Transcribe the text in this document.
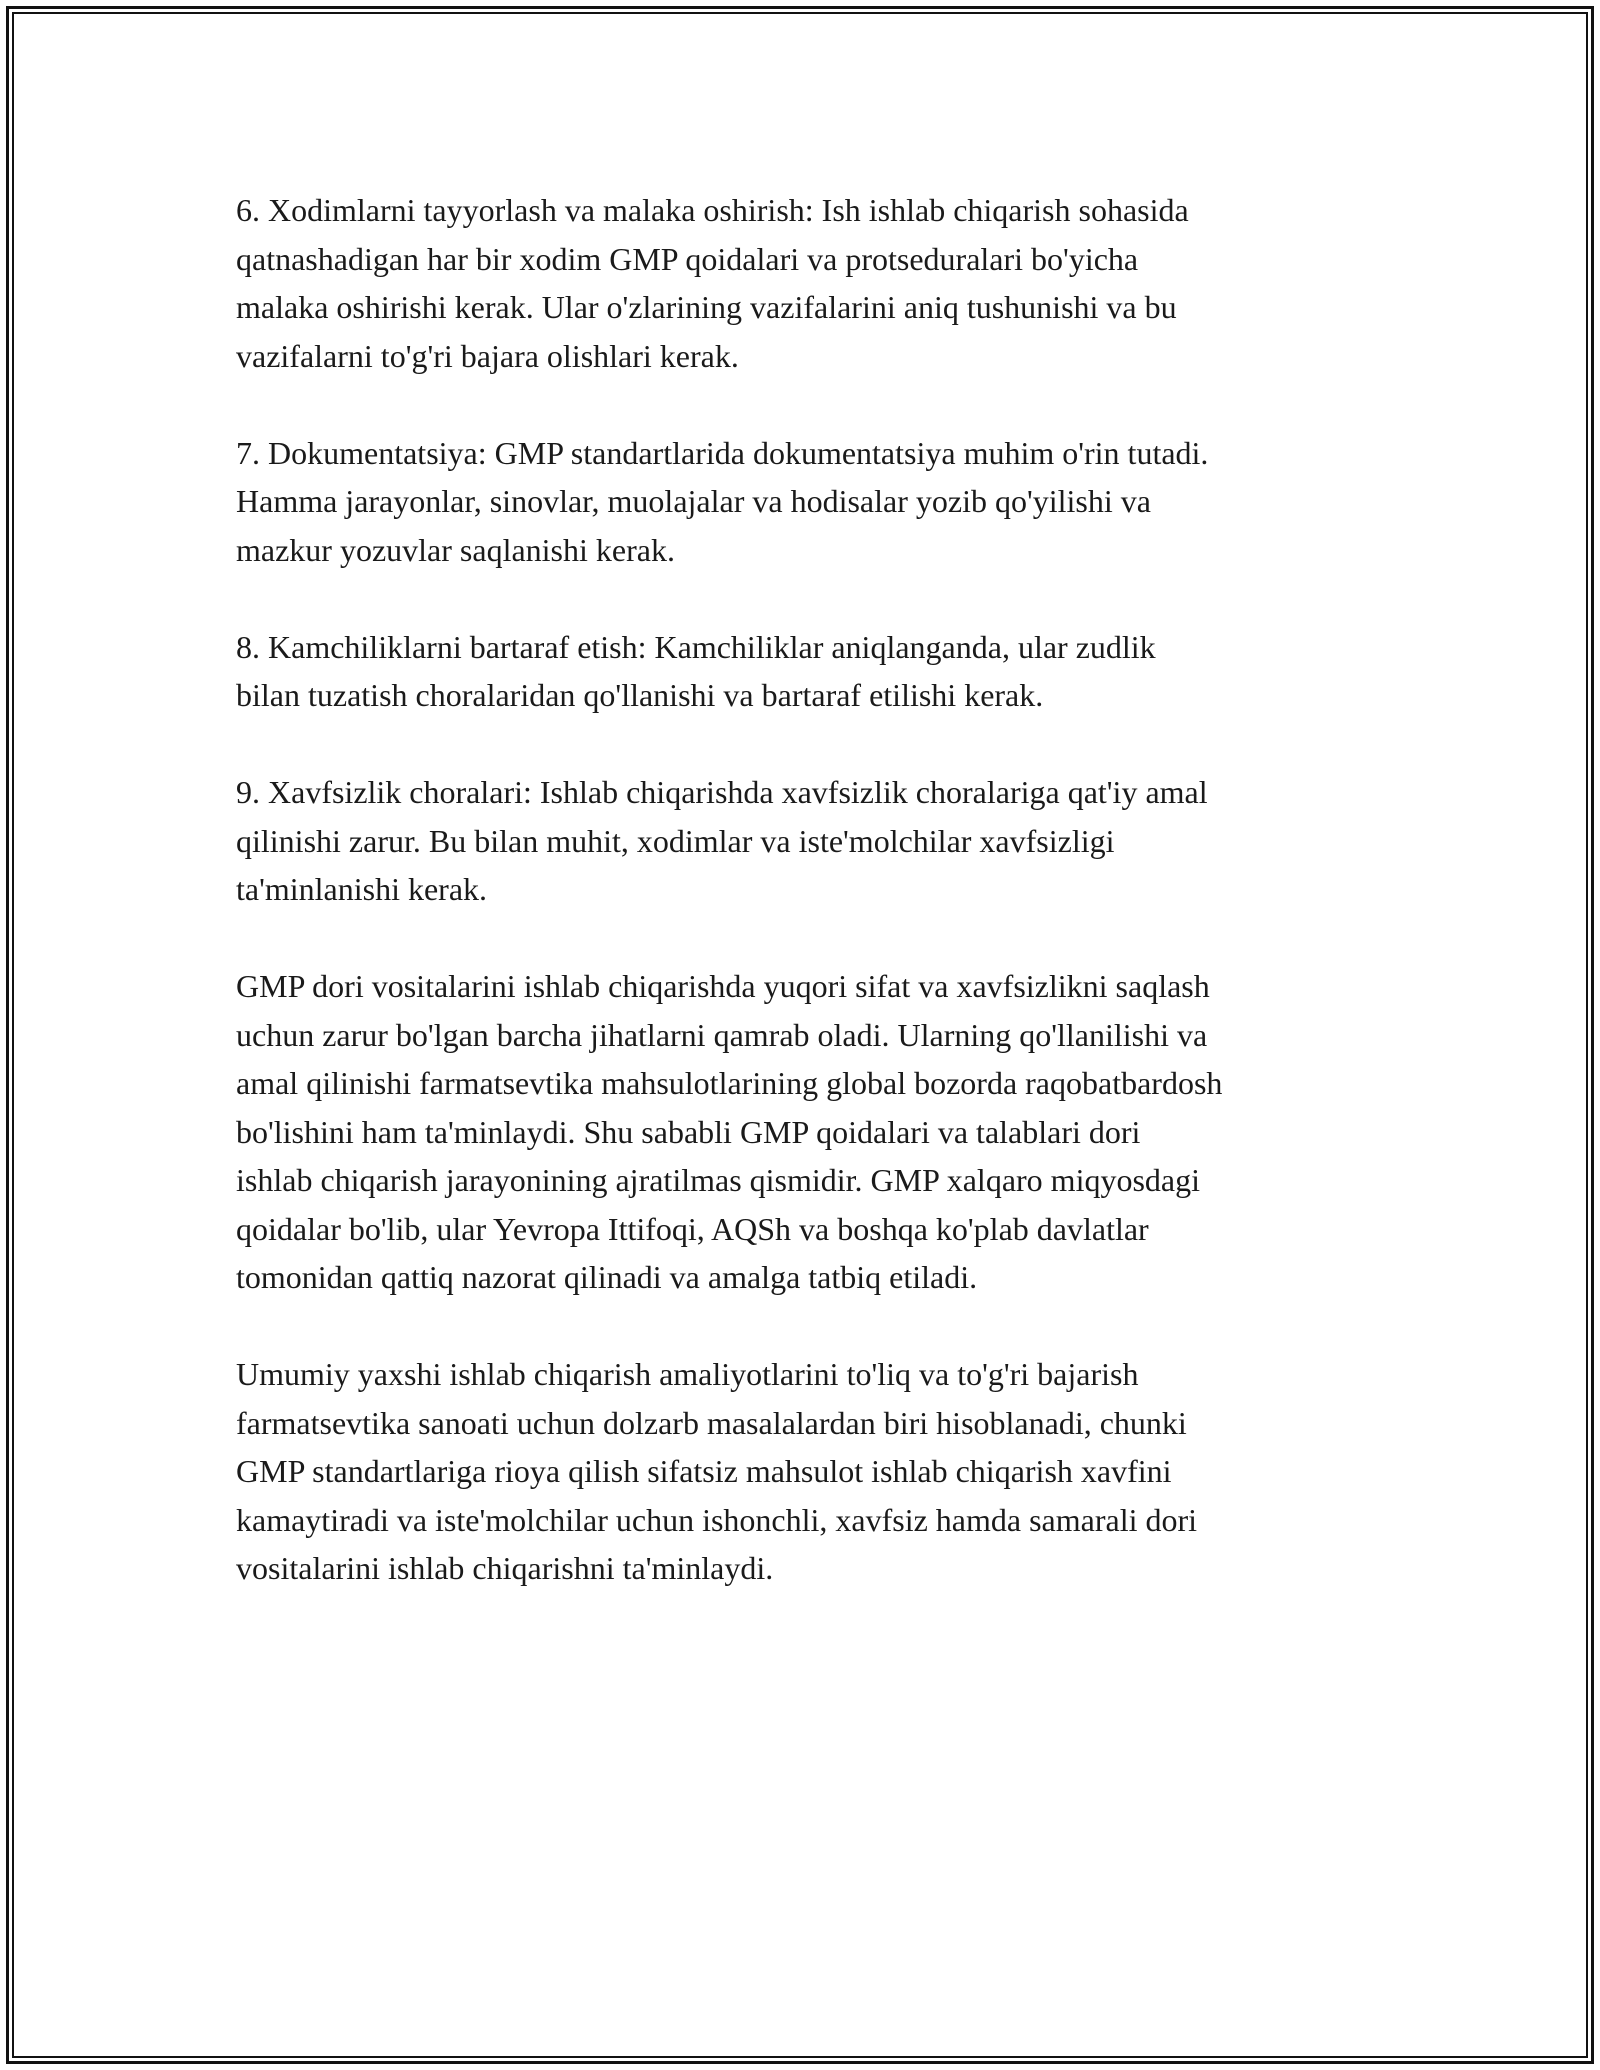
6. Xodimlarni tayyorlash va malaka oshirish: Ish ishlab chiqarish sohasida
qatnashadigan har bir xodim GMP qoidalari va protseduralari bo'yicha
malaka oshirishi kerak. Ular o'zlarining vazifalarini aniq tushunishi va bu
vazifalarni to'g'ri bajara olishlari kerak.

7. Dokumentatsiya: GMP standartlarida dokumentatsiya muhim o'rin tutadi.
Hamma jarayonlar, sinovlar, muolajalar va hodisalar yozib qo'yilishi va
mazkur yozuvlar saqlanishi kerak.

8. Kamchiliklarni bartaraf etish: Kamchiliklar aniqlanganda, ular zudlik
bilan tuzatish choralaridan qo'llanishi va bartaraf etilishi kerak.

9. Xavfsizlik choralari: Ishlab chiqarishda xavfsizlik choralariga qat'iy amal
qilinishi zarur. Bu bilan muhit, xodimlar va iste'molchilar xavfsizligi
ta'minlanishi kerak.

GMP dori vositalarini ishlab chiqarishda yuqori sifat va xavfsizlikni saqlash
uchun zarur bo'lgan barcha jihatlarni qamrab oladi. Ularning qo'llanilishi va
amal qilinishi farmatsevtika mahsulotlarining global bozorda raqobatbardosh
bo'lishini ham ta'minlaydi. Shu sababli GMP qoidalari va talablari dori
ishlab chiqarish jarayonining ajratilmas qismidir. GMP xalqaro miqyosdagi
qoidalar bo'lib, ular Yevropa Ittifoqi, AQSh va boshqa ko'plab davlatlar
tomonidan qattiq nazorat qilinadi va amalga tatbiq etiladi.

Umumiy yaxshi ishlab chiqarish amaliyotlarini to'liq va to'g'ri bajarish
farmatsevtika sanoati uchun dolzarb masalalardan biri hisoblanadi, chunki
GMP standartlariga rioya qilish sifatsiz mahsulot ishlab chiqarish xavfini
kamaytiradi va iste'molchilar uchun ishonchli, xavfsiz hamda samarali dori
vositalarini ishlab chiqarishni ta'minlaydi.
